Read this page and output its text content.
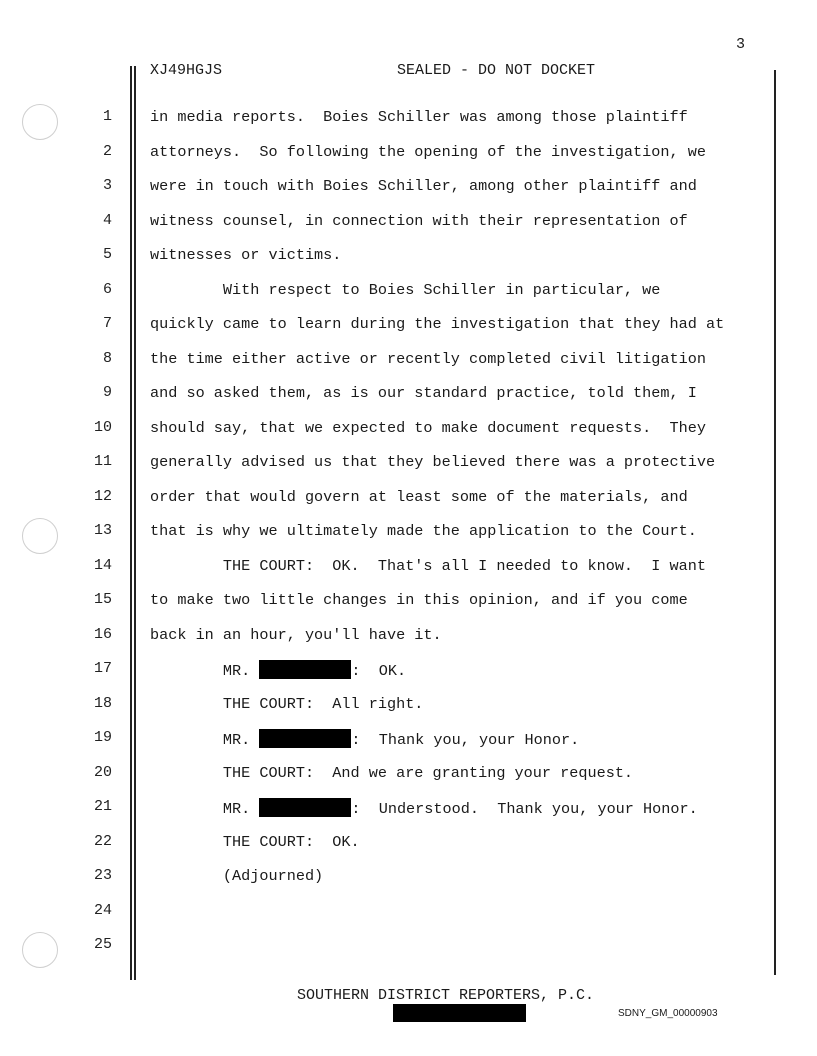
3
XJ49HGJS	SEALED - DO NOT DOCKET
1	in media reports.  Boies Schiller was among those plaintiff
2	attorneys.  So following the opening of the investigation, we
3	were in touch with Boies Schiller, among other plaintiff and
4	witness counsel, in connection with their representation of
5	witnesses or victims.
6	With respect to Boies Schiller in particular, we
7	quickly came to learn during the investigation that they had at
8	the time either active or recently completed civil litigation
9	and so asked them, as is our standard practice, told them, I
10	should say, that we expected to make document requests.  They
11	generally advised us that they believed there was a protective
12	order that would govern at least some of the materials, and
13	that is why we ultimately made the application to the Court.
14	THE COURT:  OK.  That's all I needed to know.  I want
15	to make two little changes in this opinion, and if you come
16	back in an hour, you'll have it.
17	MR.	:  OK.
18	THE COURT:  All right.
19	MR.	:  Thank you, your Honor.
20	THE COURT:  And we are granting your request.
21	MR.	:  Understood.  Thank you, your Honor.
22	THE COURT:  OK.
23	(Adjourned)
24
25
SOUTHERN DISTRICT REPORTERS, P.C.
SDNY_GM_00000903
